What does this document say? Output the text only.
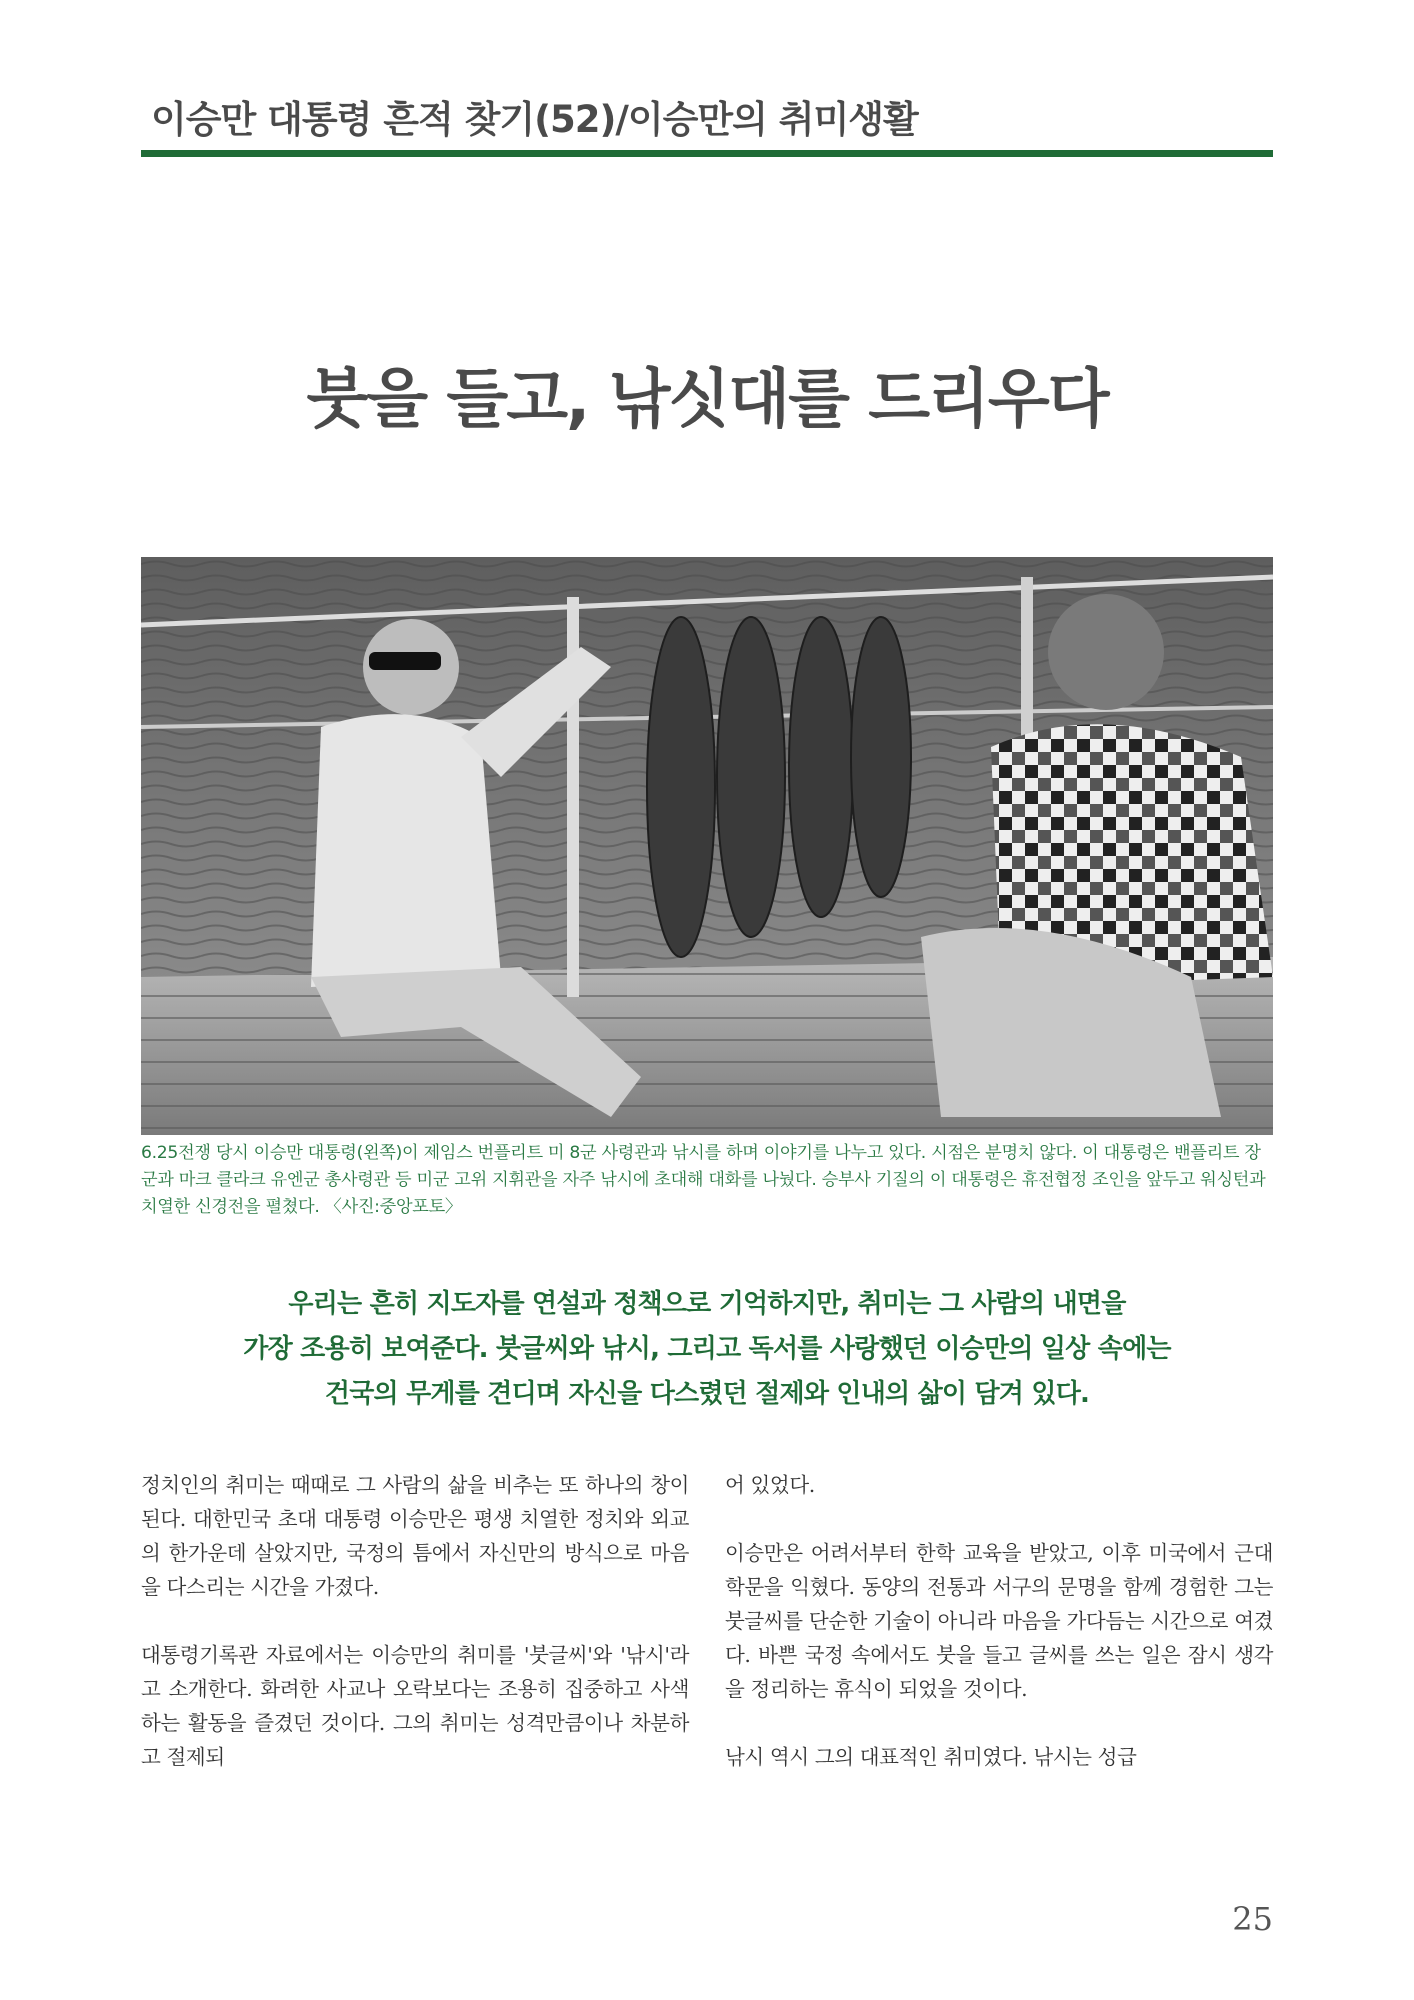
이승만 대통령 흔적 찾기(52)/이승만의 취미생활
붓을 들고, 낚싯대를 드리우다
6.25전쟁 당시 이승만 대통령(왼쪽)이 제임스 번플리트 미 8군 사령관과 낚시를 하며 이야기를 나누고 있다. 시점은 분명치 않다. 이 대통령은 밴플리트 장군과 마크 클라크 유엔군 총사령관 등 미군 고위 지휘관을 자주 낚시에 초대해 대화를 나눴다. 승부사 기질의 이 대통령은 휴전협정 조인을 앞두고 워싱턴과 치열한 신경전을 펼쳤다. 〈사진:중앙포토〉

우리는 흔히 지도자를 연설과 정책으로 기억하지만, 취미는 그 사람의 내면을

가장 조용히 보여준다. 붓글씨와 낚시, 그리고 독서를 사랑했던 이승만의 일상 속에는

건국의 무게를 견디며 자신을 다스렸던 절제와 인내의 삶이 담겨 있다.

정치인의 취미는 때때로 그 사람의 삶을 비추는 또 하나의 창이 된다. 대한민국 초대 대통령 이승만은 평생 치열한 정치와 외교의 한가운데 살았지만, 국정의 틈에서 자신만의 방식으로 마음을 다스리는 시간을 가졌다.

대통령기록관 자료에서는 이승만의 취미를 '붓글씨'와 '낚시'라고 소개한다. 화려한 사교나 오락보다는 조용히 집중하고 사색하는 활동을 즐겼던 것이다. 그의 취미는 성격만큼이나 차분하고 절제되

어 있었다.

이승만은 어려서부터 한학 교육을 받았고, 이후 미국에서 근대 학문을 익혔다. 동양의 전통과 서구의 문명을 함께 경험한 그는 붓글씨를 단순한 기술이 아니라 마음을 가다듬는 시간으로 여겼다. 바쁜 국정 속에서도 붓을 들고 글씨를 쓰는 일은 잠시 생각을 정리하는 휴식이 되었을 것이다.

낚시 역시 그의 대표적인 취미였다. 낚시는 성급

25
